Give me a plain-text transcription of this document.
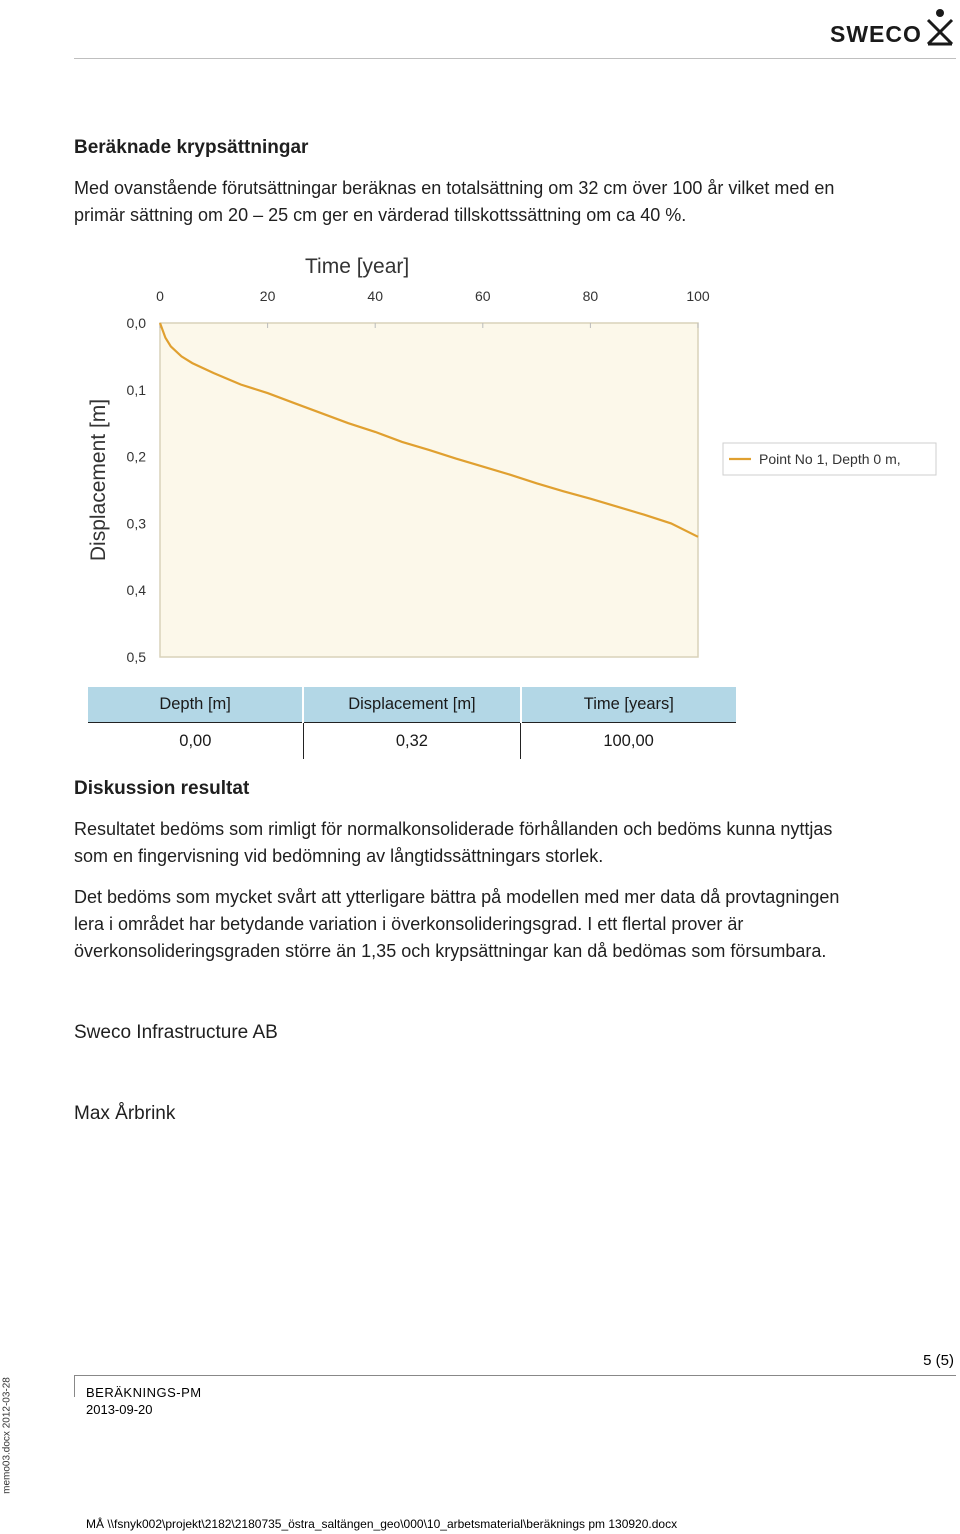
SWECO
Beräknade krypsättningar
Med ovanstående förutsättningar beräknas en totalsättning om 32 cm över 100 år vilket med en
primär sättning om 20 – 25 cm ger en värderad tillskottssättning om ca 40 %.
Time [year]
0	20	40	60	80	100
0,0
0,1
0,2
0,3
0,4
0,5
Displacement [m]	Point No 1, Depth 0 m,
Depth [m]	Displacement [m]	Time [years]

0,00	0,32	100,00
Diskussion resultat
Resultatet bedöms som rimligt för normalkonsoliderade förhållanden och bedöms kunna nyttjas
som en fingervisning vid bedömning av långtidssättningars storlek.
Det bedöms som mycket svårt att ytterligare bättra på modellen med mer data då provtagningen
lera i området har betydande variation i överkonsolideringsgrad. I ett flertal prover är
överkonsolideringsgraden större än 1,35 och krypsättningar kan då bedömas som försumbara.
Sweco Infrastructure AB
Max Årbrink
5 (5)
BERÄKNINGS-PM
2013-09-20
memo03.docx 2012-03-28
MÅ \\fsnyk002\projekt\2182\2180735_östra_saltängen_geo\000\10_arbetsmaterial\beräknings pm 130920.docx
